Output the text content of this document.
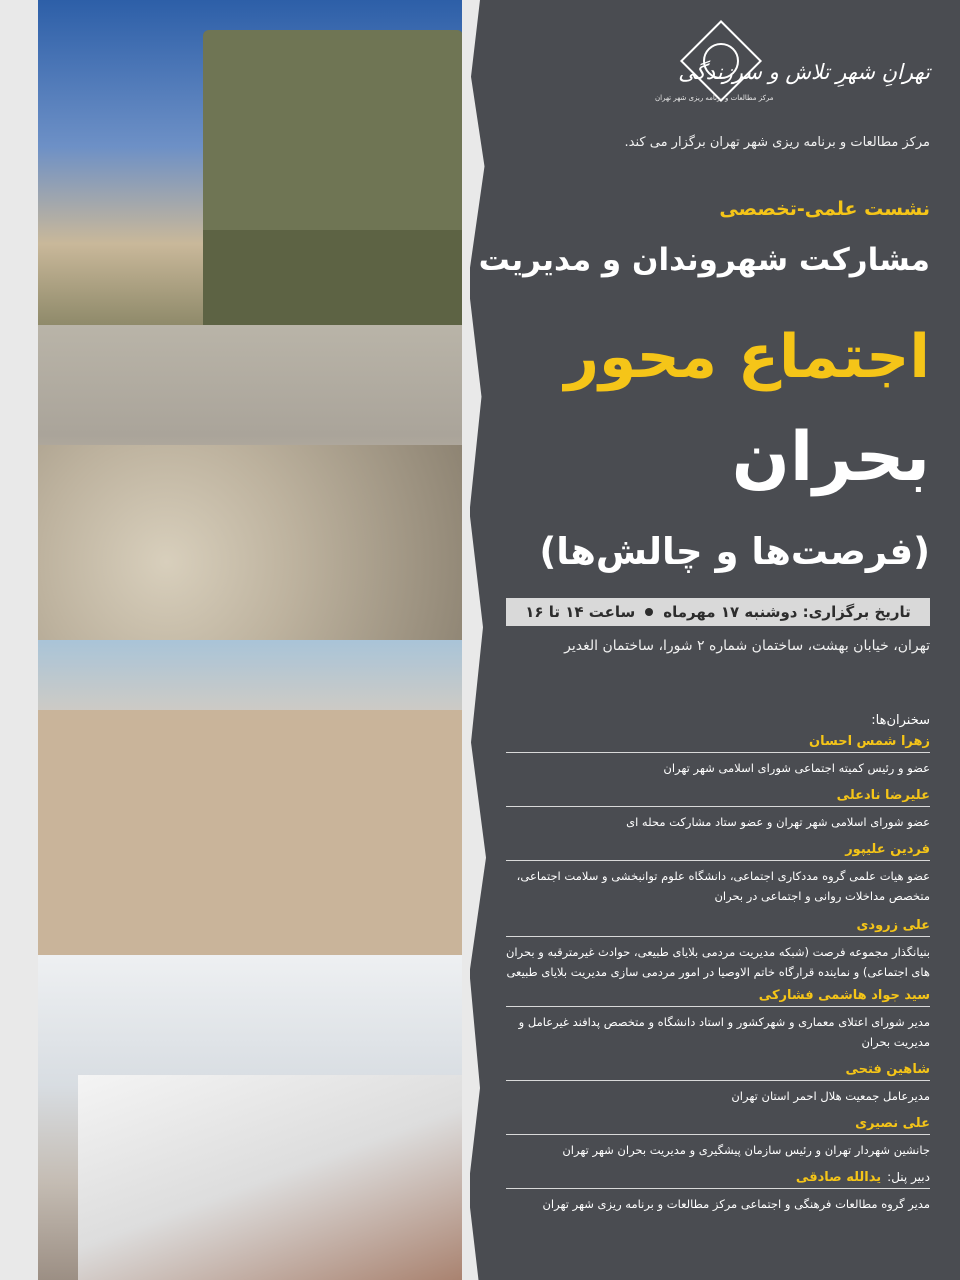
تهرانِ شهرِ تلاش و سرزندگی
مرکز مطالعات و برنامه ریزی شهر تهران
مرکز مطالعات و برنامه ریزی شهر تهران برگزار می کند.
نشست علمی-تخصصی
مشارکت شهروندان و مدیریت
اجتماع محور
بحران
(فرصت‌ها و چالش‌ها)
تاریخ برگزاری: دوشنبه ۱۷ مهرماه
ساعت ۱۴ تا ۱۶
تهران، خیابان بهشت، ساختمان شماره ۲ شورا، ساختمان الغدیر
سخنران‌ها:
زهرا شمس احسان
عضو و رئیس کمیته اجتماعی شورای اسلامی شهر تهران
علیرضا نادعلی
عضو شورای اسلامی شهر تهران و عضو ستاد مشارکت محله ای
فردین علیپور
عضو هیات علمی گروه مددکاری اجتماعی، دانشگاه علوم توانبخشی و سلامت اجتماعی، متخصص مداخلات روانی و اجتماعی در بحران
علی زرودی
بنیانگذار مجموعه فرصت (شبکه مدیریت مردمی بلایای طبیعی، حوادث غیرمترقبه و بحران های اجتماعی) و نماینده قرارگاه خاتم الاوصیا در امور مردمی سازی مدیریت بلایای طبیعی
سید جواد هاشمی فشارکی
مدیر شورای اعتلای معماری و شهرکشور و استاد دانشگاه و متخصص پدافند غیرعامل و مدیریت بحران
شاهین فتحی
مدیرعامل جمعیت هلال احمر استان تهران
علی نصیری
جانشین شهردار تهران و رئیس سازمان پیشگیری و مدیریت بحران شهر تهران
دبیر پنل:یدالله صادقی
مدیر گروه مطالعات فرهنگی و اجتماعی مرکز مطالعات و برنامه ریزی شهر تهران
